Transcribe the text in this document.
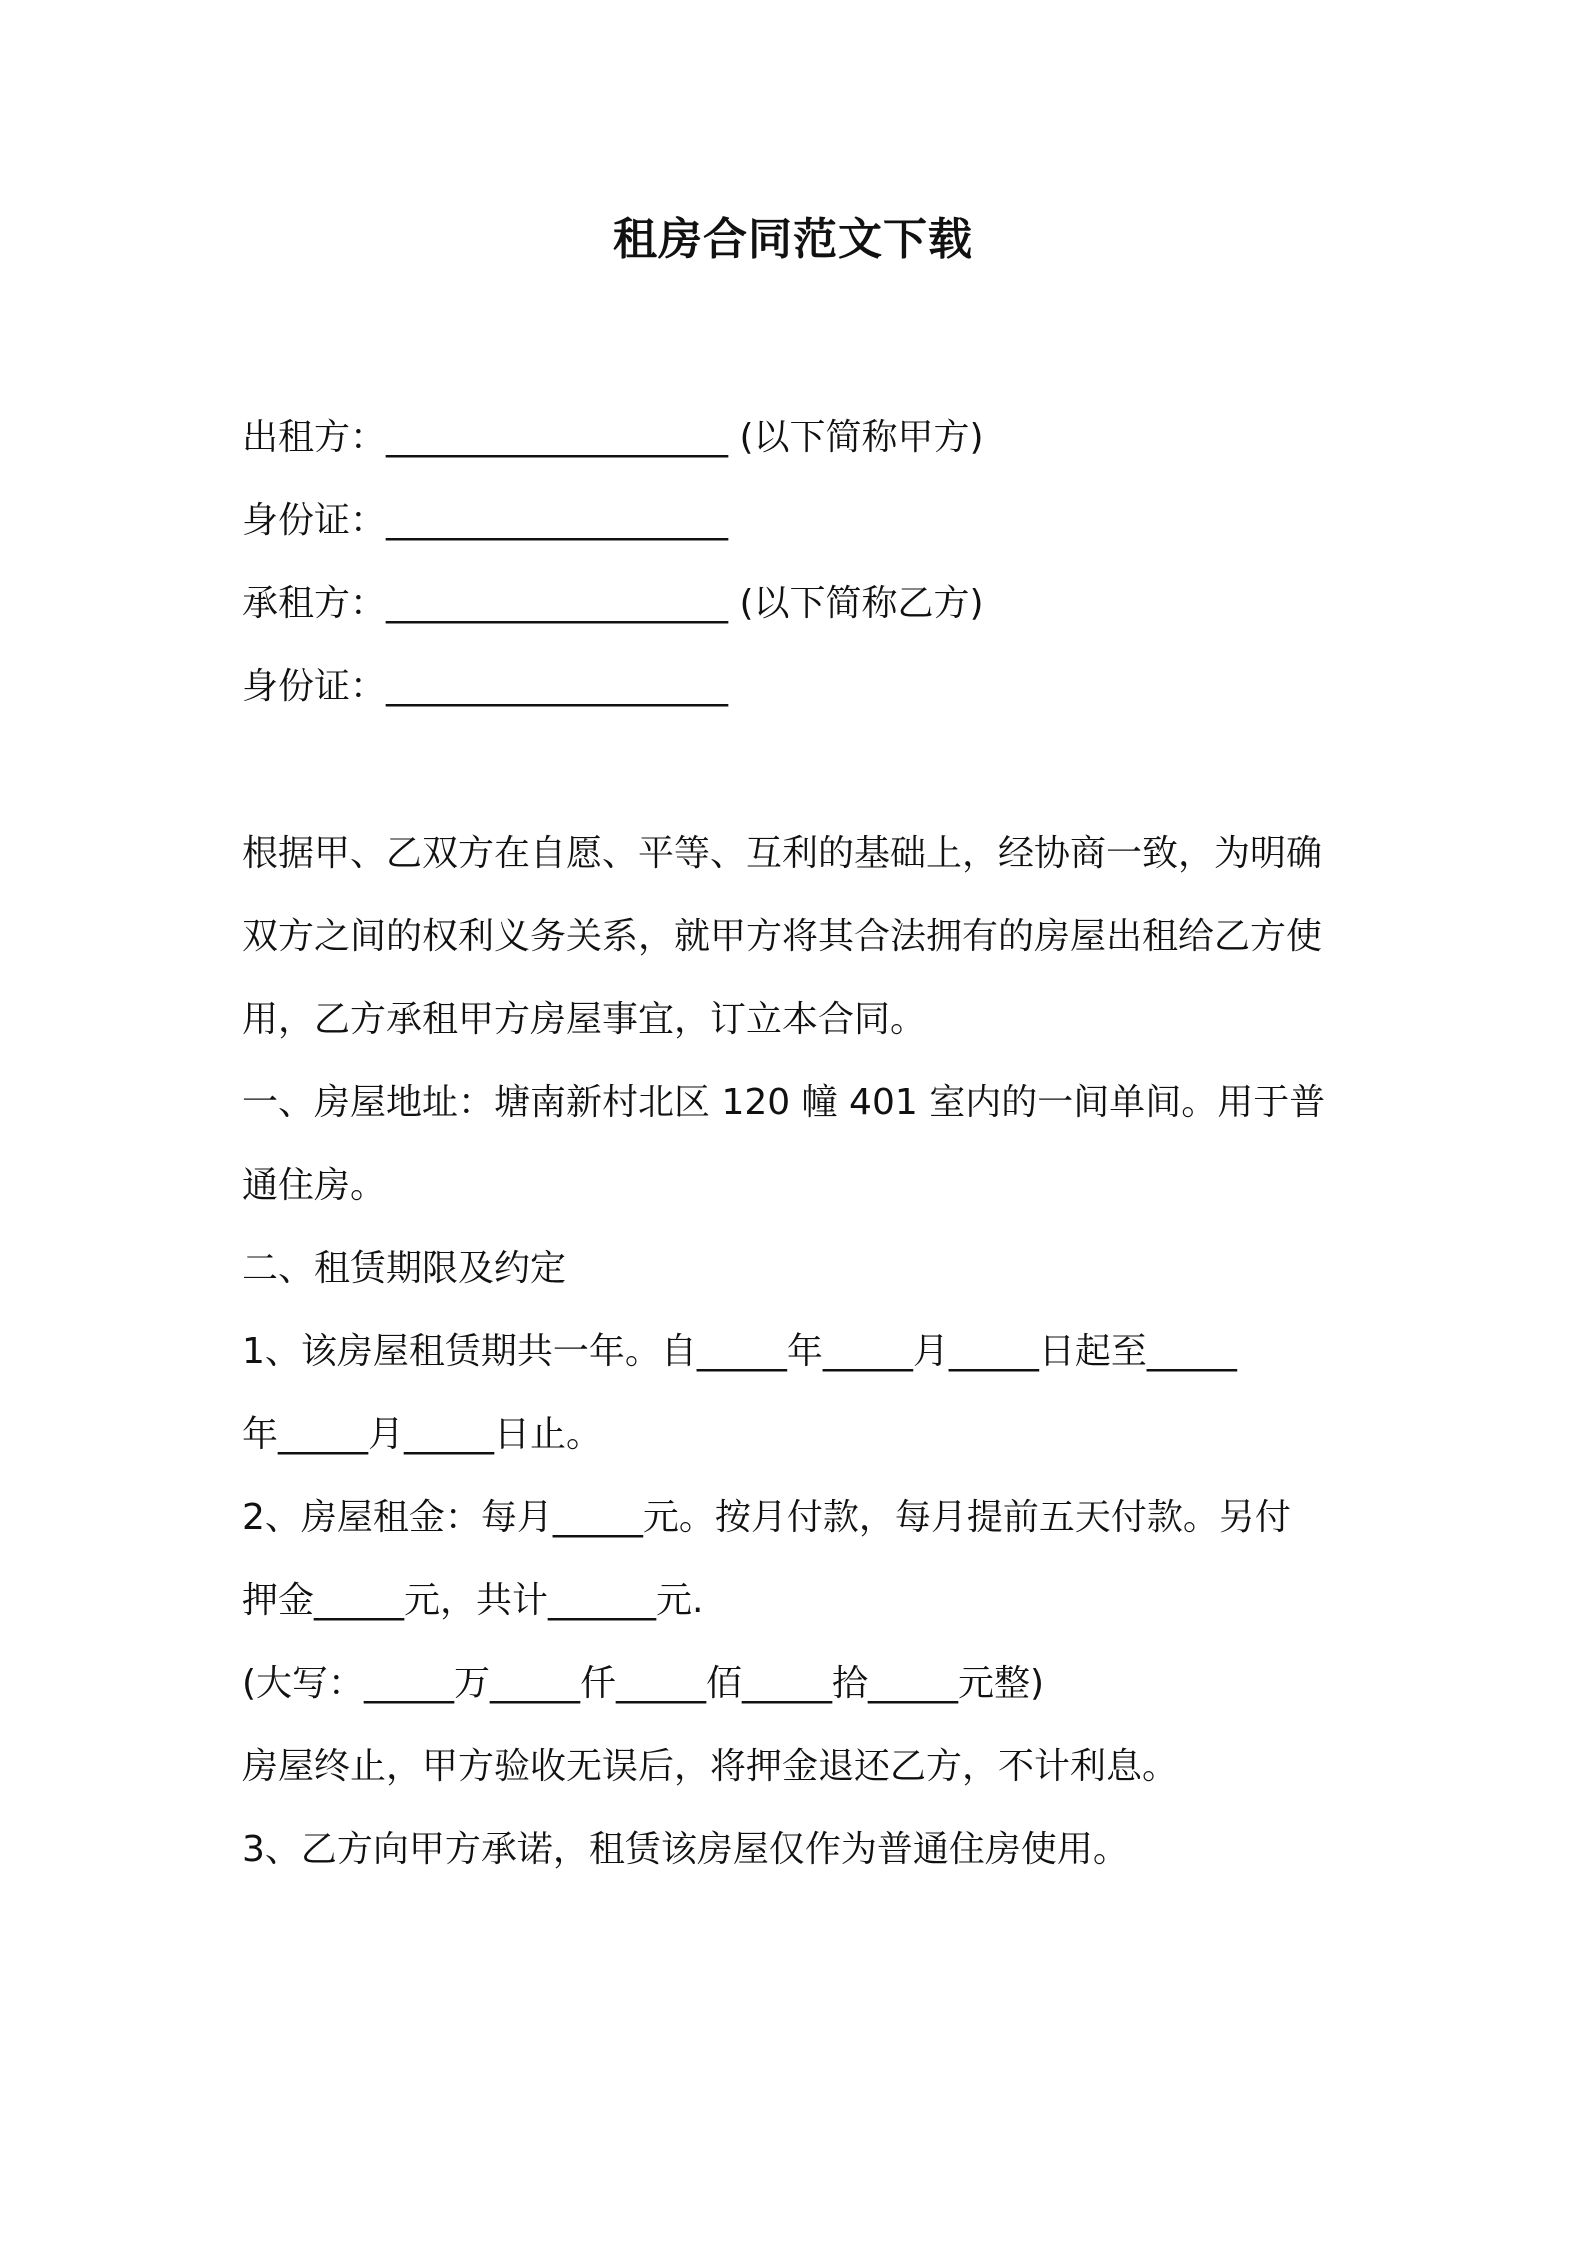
租房合同范文下载
出租方：___________________ (以下简称甲方)
身份证：___________________
承租方：___________________ (以下简称乙方)
身份证：___________________
根据甲、乙双方在自愿、平等、互利的基础上，经协商一致，为明确
双方之间的权利义务关系，就甲方将其合法拥有的房屋出租给乙方使
用，乙方承租甲方房屋事宜，订立本合同。
一、房屋地址：塘南新村北区 120 幢 401 室内的一间单间。用于普
通住房。
二、租赁期限及约定
1、该房屋租赁期共一年。自_____年_____月_____日起至_____
年_____月_____日止。
2、房屋租金：每月_____元。按月付款，每月提前五天付款。另付
押金_____元，共计______元.
(大写：_____万_____仟_____佰_____拾_____元整)
房屋终止，甲方验收无误后，将押金退还乙方，不计利息。
3、乙方向甲方承诺，租赁该房屋仅作为普通住房使用。
